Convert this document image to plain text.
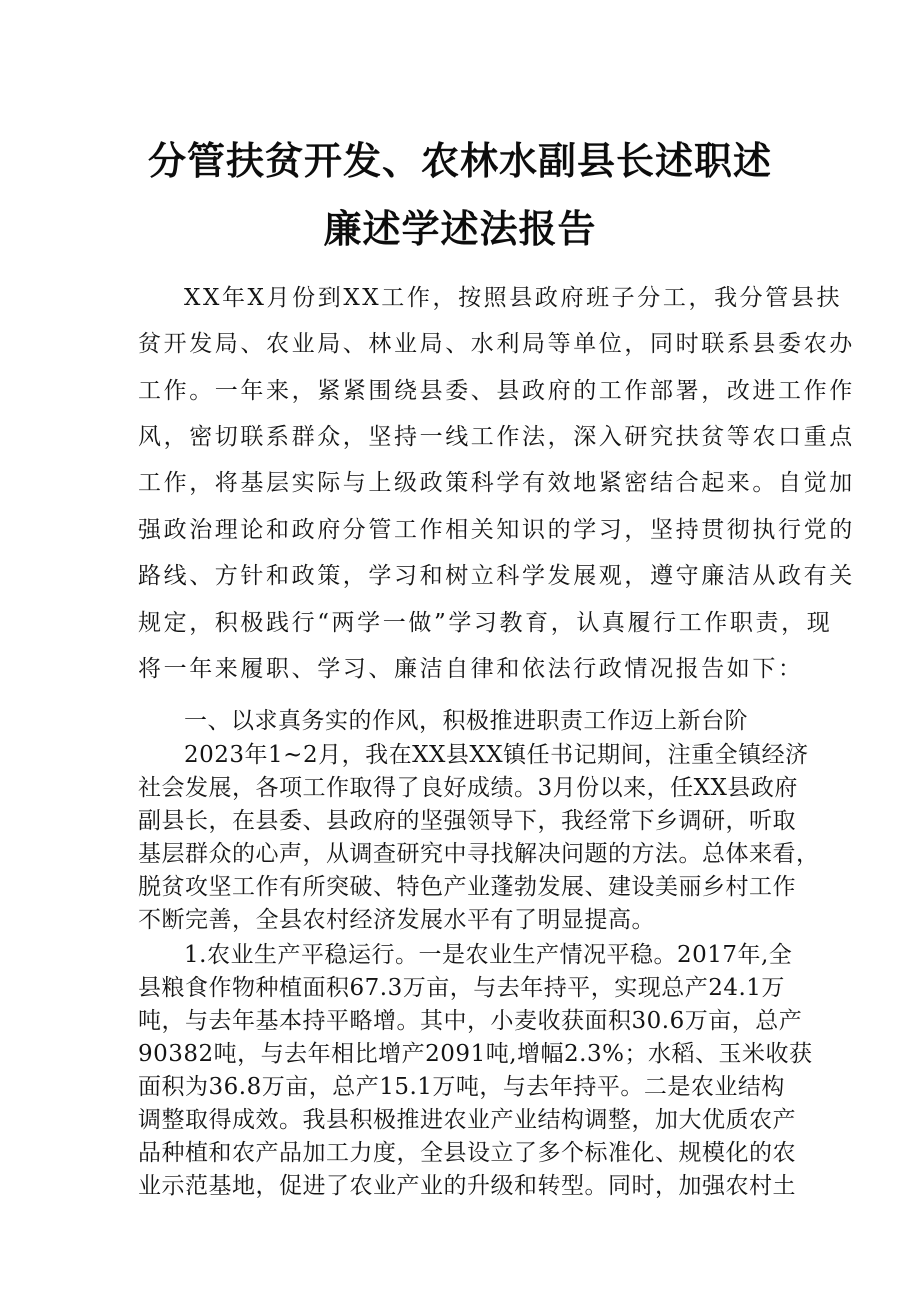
分管扶贫开发、农林水副县长述职述
廉述学述法报告
XX年X月份到XX工作，按照县政府班子分工，我分管县扶
贫开发局、农业局、林业局、水利局等单位，同时联系县委农办
工作。一年来，紧紧围绕县委、县政府的工作部署，改进工作作
风，密切联系群众，坚持一线工作法，深入研究扶贫等农口重点
工作，将基层实际与上级政策科学有效地紧密结合起来。自觉加
强政治理论和政府分管工作相关知识的学习，坚持贯彻执行党的
路线、方针和政策，学习和树立科学发展观，遵守廉洁从政有关
规定，积极践行“两学一做”学习教育，认真履行工作职责，现
将一年来履职、学习、廉洁自律和依法行政情况报告如下：
一、以求真务实的作风，积极推进职责工作迈上新台阶
2023年1~2月，我在XX县XX镇任书记期间，注重全镇经济
社会发展，各项工作取得了良好成绩。3月份以来，任XX县政府
副县长，在县委、县政府的坚强领导下，我经常下乡调研，听取
基层群众的心声，从调查研究中寻找解决问题的方法。总体来看，
脱贫攻坚工作有所突破、特色产业蓬勃发展、建设美丽乡村工作
不断完善，全县农村经济发展水平有了明显提高。
1.农业生产平稳运行。一是农业生产情况平稳。2017年,全
县粮食作物种植面积67.3万亩，与去年持平，实现总产24.1万
吨，与去年基本持平略增。其中，小麦收获面积30.6万亩，总产
90382吨，与去年相比增产2091吨,增幅2.3%；水稻、玉米收获
面积为36.8万亩，总产15.1万吨，与去年持平。二是农业结构
调整取得成效。我县积极推进农业产业结构调整，加大优质农产
品种植和农产品加工力度，全县设立了多个标准化、规模化的农
业示范基地，促进了农业产业的升级和转型。同时，加强农村土
